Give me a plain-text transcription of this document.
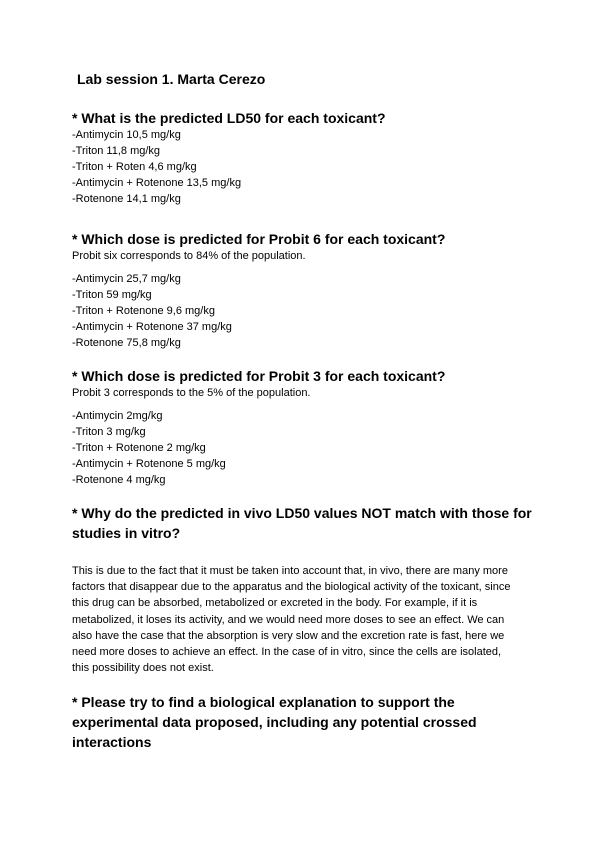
Lab session 1. Marta Cerezo
* What is the predicted LD50 for each toxicant?
-Antimycin 10,5 mg/kg
-Triton 11,8 mg/kg
-Triton + Roten 4,6 mg/kg
-Antimycin + Rotenone 13,5 mg/kg
-Rotenone 14,1 mg/kg
* Which dose is predicted for Probit 6 for each toxicant?

Probit six corresponds to 84% of the population.

-Antimycin 25,7 mg/kg
-Triton 59 mg/kg
-Triton + Rotenone 9,6 mg/kg
-Antimycin + Rotenone 37 mg/kg
-Rotenone 75,8 mg/kg
* Which dose is predicted for Probit 3 for each toxicant?

Probit 3 corresponds to the 5% of the population.

-Antimycin 2mg/kg
-Triton 3 mg/kg
-Triton + Rotenone 2 mg/kg
-Antimycin + Rotenone 5 mg/kg
-Rotenone 4 mg/kg
* Why do the predicted in vivo LD50 values NOT match with those for studies in vitro?

This is due to the fact that it must be taken into account that, in vivo, there are many more factors that disappear due to the apparatus and the biological activity of the toxicant, since this drug can be absorbed, metabolized or excreted in the body. For example, if it is metabolized, it loses its activity, and we would need more doses to see an effect. We can also have the case that the absorption is very slow and the excretion rate is fast, here we need more doses to achieve an effect. In the case of in vitro, since the cells are isolated, this possibility does not exist.

* Please try to find a biological explanation to support the experimental data proposed, including any potential crossed interactions
